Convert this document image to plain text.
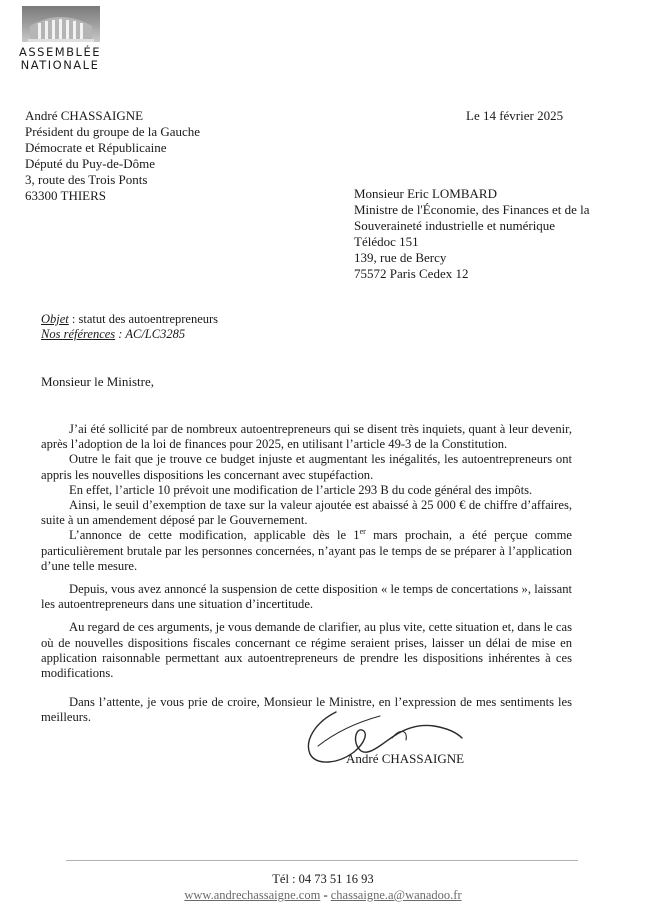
ASSEMBLÉE
NATIONALE
André CHASSAIGNE
Président du groupe de la Gauche
Démocrate et Républicaine
Député du Puy-de-Dôme
3, route des Trois Ponts
63300 THIERS
Le 14 février 2025
Monsieur Eric LOMBARD
Ministre de l'Économie, des Finances et de la
Souveraineté industrielle et numérique
Télédoc 151
139, rue de Bercy
75572 Paris Cedex 12
Objet : statut des autoentrepreneurs
Nos références : AC/LC3285
Monsieur le Ministre,

J’ai été sollicité par de nombreux autoentrepreneurs qui se disent très inquiets, quant à leur devenir, après l’adoption de la loi de finances pour 2025, en utilisant l’article 49-3 de la Constitution.

Outre le fait que je trouve ce budget injuste et augmentant les inégalités, les autoentrepreneurs ont appris les nouvelles dispositions les concernant avec stupéfaction.

En effet, l’article 10 prévoit une modification de l’article 293 B du code général des impôts.

Ainsi, le seuil d’exemption de taxe sur la valeur ajoutée est abaissé à 25 000 € de chiffre d’affaires, suite à un amendement déposé par le Gouvernement.

L’annonce de cette modification, applicable dès le 1er mars prochain, a été perçue comme particulièrement brutale par les personnes concernées, n’ayant pas le temps de se préparer à l’application d’une telle mesure.

Depuis, vous avez annoncé la suspension de cette disposition « le temps de concertations », laissant les autoentrepreneurs dans une situation d’incertitude.

Au regard de ces arguments, je vous demande de clarifier, au plus vite, cette situation et, dans le cas où de nouvelles dispositions fiscales concernant ce régime seraient prises, laisser un délai de mise en application raisonnable permettant aux autoentrepreneurs de prendre les dispositions inhérentes à ces modifications.

Dans l’attente, je vous prie de croire, Monsieur le Ministre, en l’expression de mes sentiments les meilleurs.

André CHASSAIGNE
Tél : 04 73 51 16 93
www.andrechassaigne.com - chassaigne.a@wanadoo.fr
